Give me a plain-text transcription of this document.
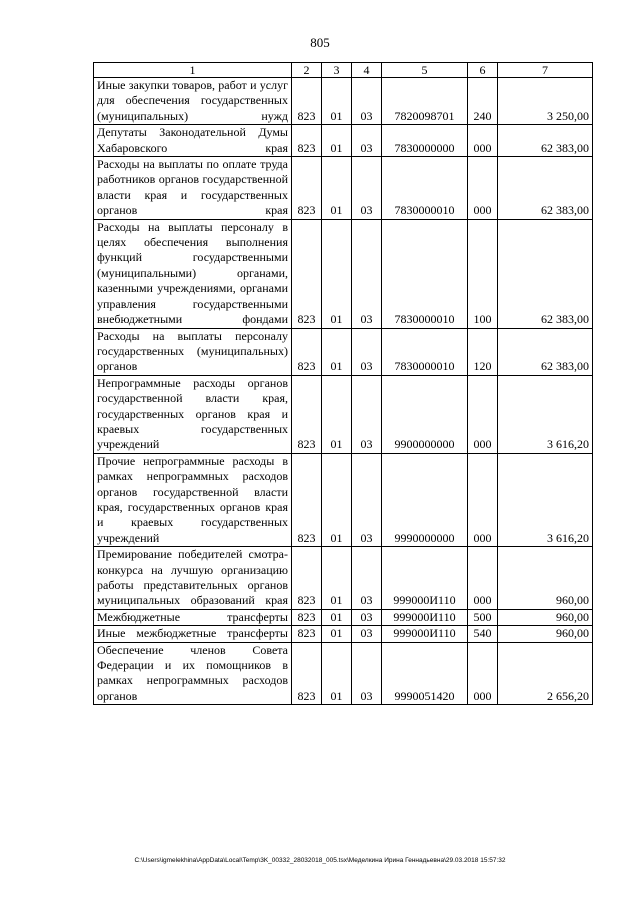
805
1	2	3	4	5	6	7
Иные закупки товаров, работ и услуг для обеспечения государственных (муниципальных) нужд	823	01	03	7820098701	240	3 250,00
Депутаты Законодательной Думы Хабаровского края	823	01	03	7830000000	000	62 383,00
Расходы на выплаты по оплате труда работников органов государственной власти края и государственных органов края	823	01	03	7830000010	000	62 383,00
Расходы на выплаты персоналу в целях обеспечения выполнения функций государственными (муниципальными) органами, казенными учреждениями, органами управления государственными внебюджетными фондами	823	01	03	7830000010	100	62 383,00
Расходы на выплаты персоналу государственных (муниципальных) органов	823	01	03	7830000010	120	62 383,00
Непрограммные расходы органов государственной власти края, государственных органов края и краевых государственных учреждений	823	01	03	9900000000	000	3 616,20
Прочие непрограммные расходы в рамках непрограммных расходов органов государственной власти края, государственных органов края и краевых государственных учреждений	823	01	03	9990000000	000	3 616,20
Премирование победителей смотра-конкурса на лучшую организацию работы представительных органов муниципальных образований края	823	01	03	999000И110	000	960,00
Межбюджетные трансферты	823	01	03	999000И110	500	960,00
Иные межбюджетные трансферты	823	01	03	999000И110	540	960,00
Обеспечение членов Совета Федерации и их помощников в рамках непрограммных расходов органов	823	01	03	9990051420	000	2 656,20
C:\Users\igmelekhina\AppData\Local\Temp\3K_00332_28032018_005.tsx\Меделкина Ирина Геннадьевна\29.03.2018 15:57:32
